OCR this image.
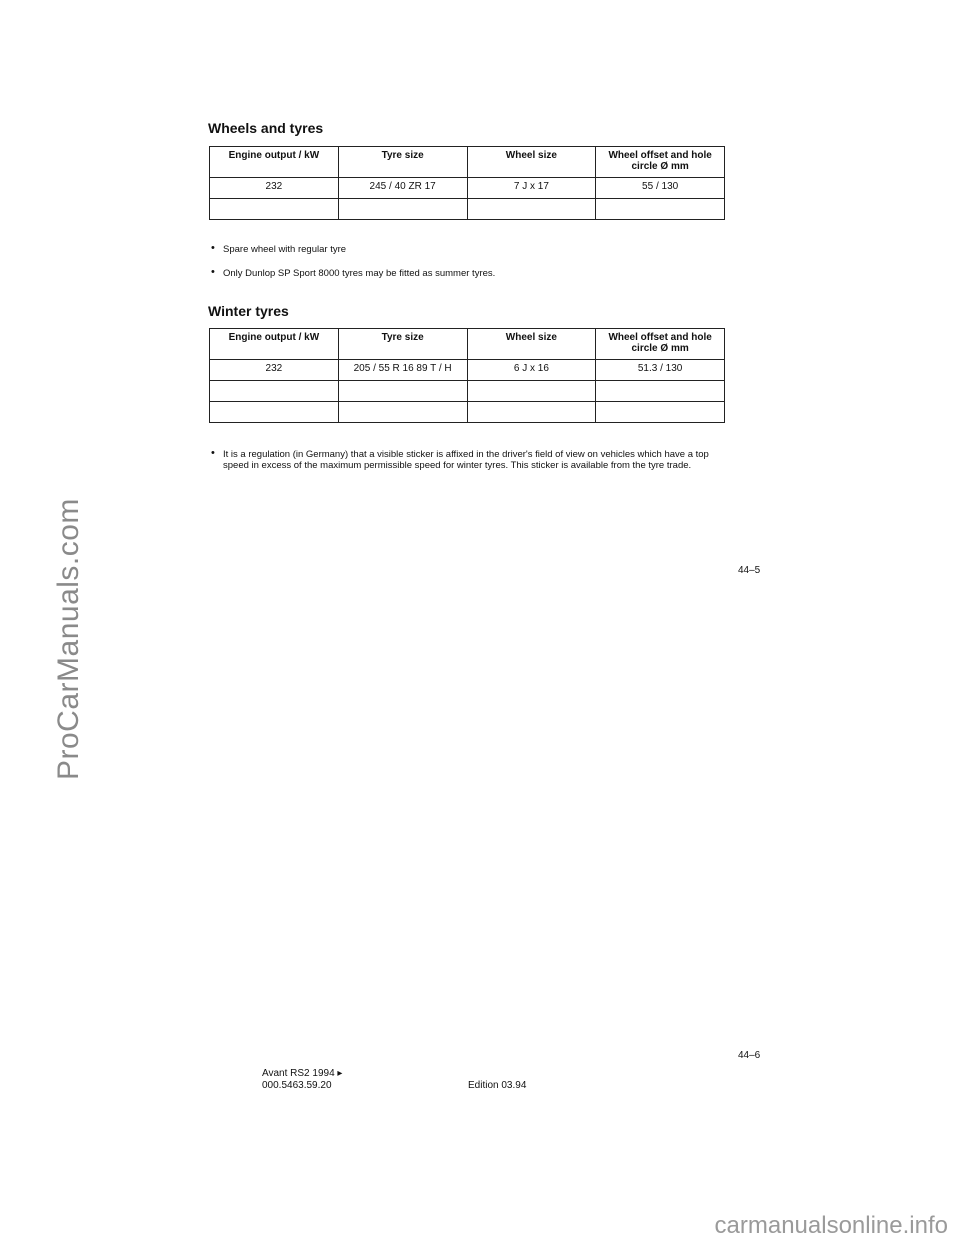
ProCarManuals.com
Wheels and tyres
Engine output / kW	Tyre size	Wheel size	Wheel offset and hole circle Ø mm
232	245 / 40 ZR 17	7 J x 17	55 / 130

• Spare wheel with regular tyre
• Only Dunlop SP Sport 8000 tyres may be fitted as summer tyres.
Winter tyres
Engine output / kW	Tyre size	Wheel size	Wheel offset and hole circle Ø mm
232	205 / 55 R 16 89 T / H	6 J x 16	51.3 / 130

• It is a regulation (in Germany) that a visible sticker is affixed in the driver's field of view on vehicles which have a top speed in excess of the maximum permissible speed for winter tyres. This sticker is available from the tyre trade.
44–5
44–6
Avant RS2 1994 ▸
000.5463.59.20	Edition 03.94
carmanualsonline.info
